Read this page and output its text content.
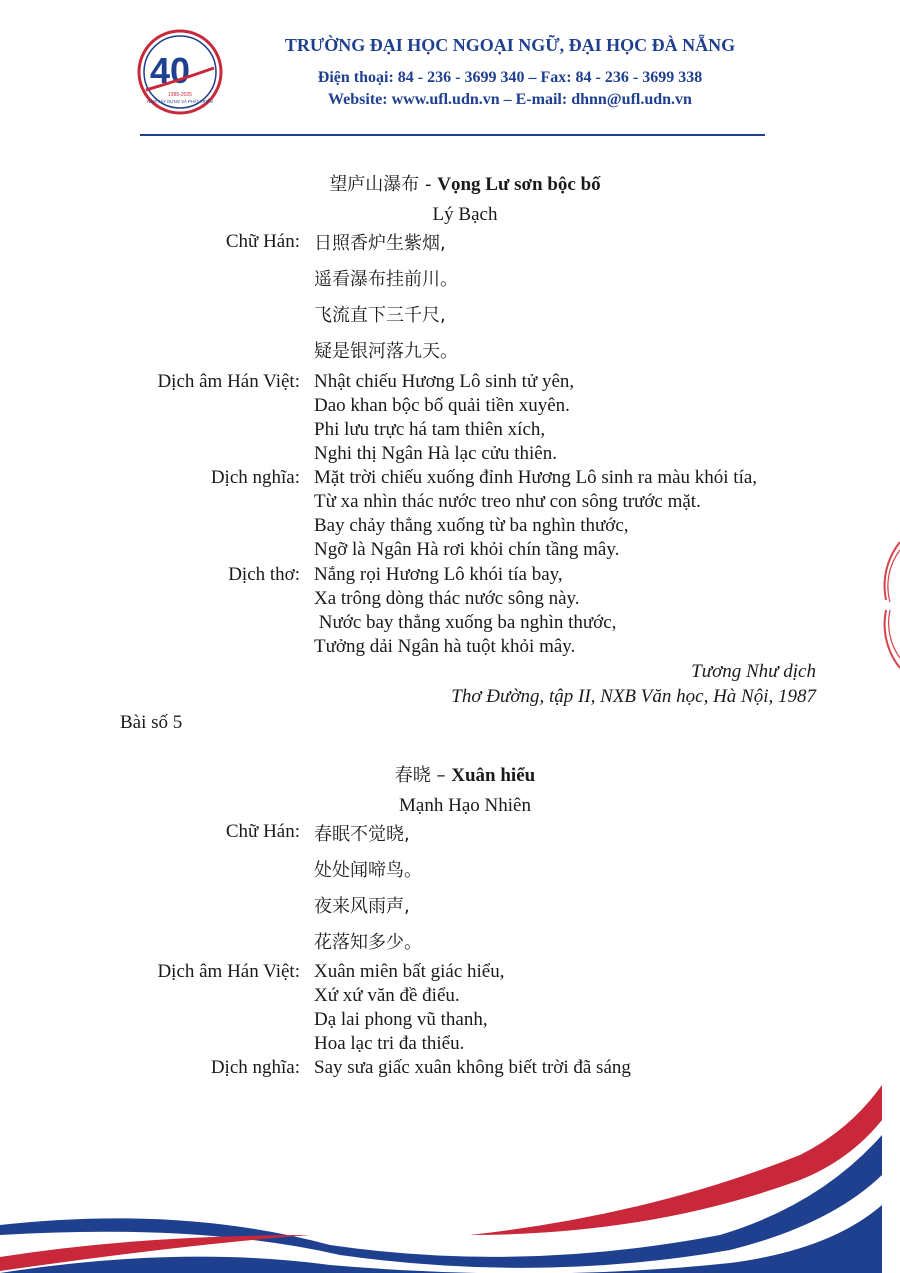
40
1985-2025
NĂM XÂY DỰNG VÀ PHÁT TRIỂN
TRƯỜNG ĐẠI HỌC NGOẠI NGỮ, ĐẠI HỌC ĐÀ NẴNG
Điện thoại: 84 - 236 - 3699 340 – Fax: 84 - 236 - 3699 338
Website: www.ufl.udn.vn – E-mail: dhnn@ufl.udn.vn
望庐山瀑布 - Vọng Lư sơn bộc bố
Lý Bạch
Chữ Hán: 日照香炉生紫烟,
遥看瀑布挂前川。
飞流直下三千尺,
疑是银河落九天。
Dịch âm Hán Việt: Nhật chiếu Hương Lô sinh tử yên,
Dao khan bộc bố quải tiền xuyên.
Phi lưu trực há tam thiên xích,
Nghi thị Ngân Hà lạc cửu thiên.
Dịch nghĩa: Mặt trời chiếu xuống đỉnh Hương Lô sinh ra màu khói tía,
Từ xa nhìn thác nước treo như con sông trước mặt.
Bay chảy thẳng xuống từ ba nghìn thước,
Ngỡ là Ngân Hà rơi khỏi chín tầng mây.
Dịch thơ: Nắng rọi Hương Lô khói tía bay,
Xa trông dòng thác nước sông này.
Nước bay thẳng xuống ba nghìn thước,
Tưởng dải Ngân hà tuột khỏi mây.
Tương Như dịch
Thơ Đường, tập II, NXB Văn học, Hà Nội, 1987
Bài số 5
春晓 – Xuân hiểu
Mạnh Hạo Nhiên
Chữ Hán: 春眠不觉晓,
处处闻啼鸟。
夜来风雨声,
花落知多少。
Dịch âm Hán Việt: Xuân miên bất giác hiểu,
Xứ xứ văn đề điểu.
Dạ lai phong vũ thanh,
Hoa lạc tri đa thiểu.
Dịch nghĩa: Say sưa giấc xuân không biết trời đã sáng
